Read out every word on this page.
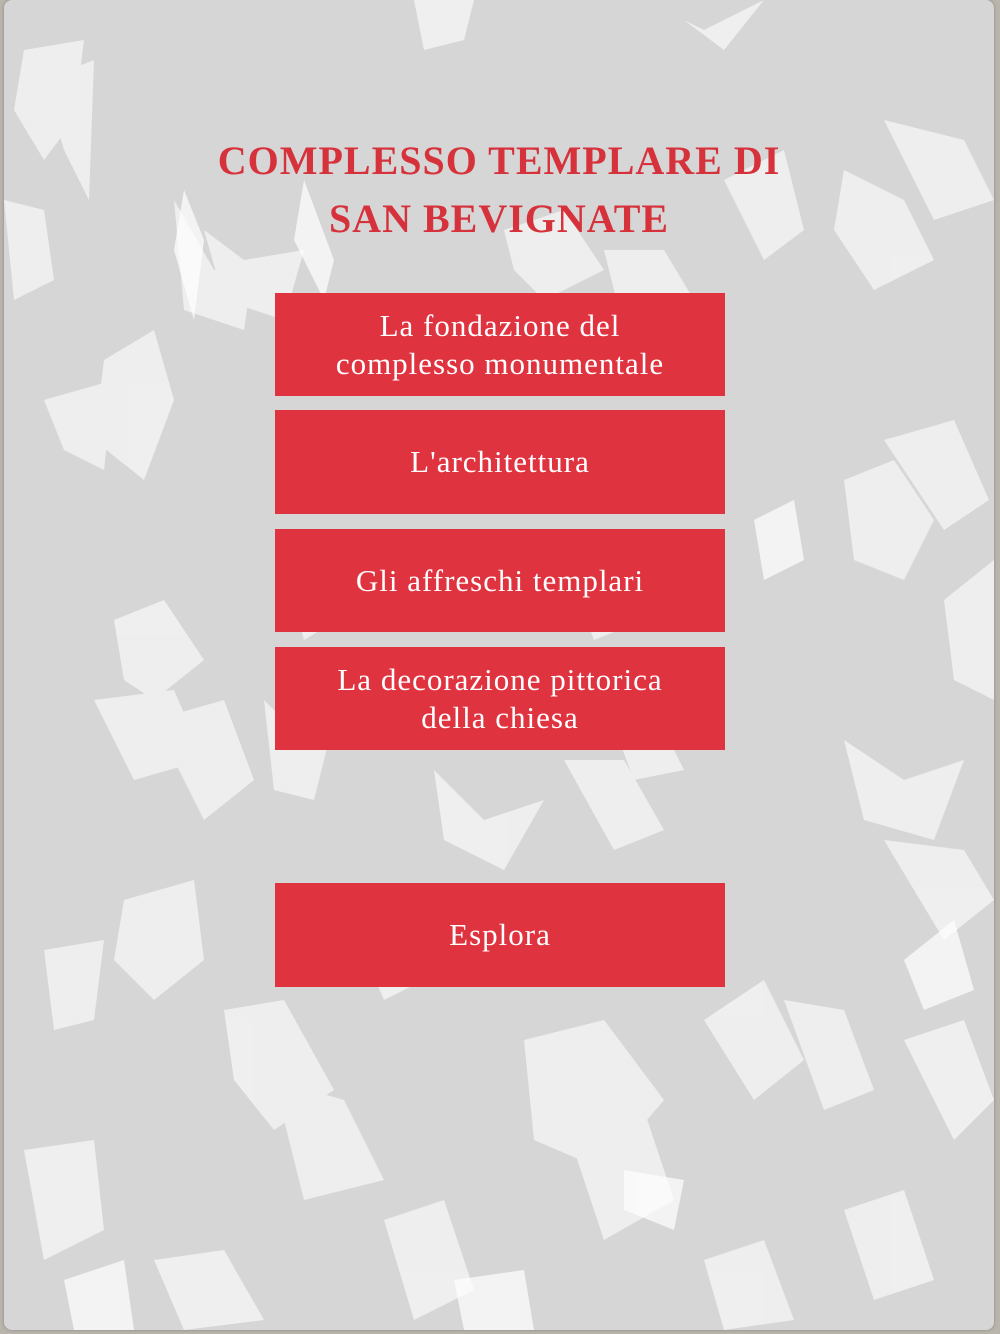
COMPLESSO TEMPLARE DI
SAN BEVIGNATE
La fondazione del
complesso monumentale
L'architettura
Gli affreschi templari
La decorazione pittorica
della chiesa
Esplora
